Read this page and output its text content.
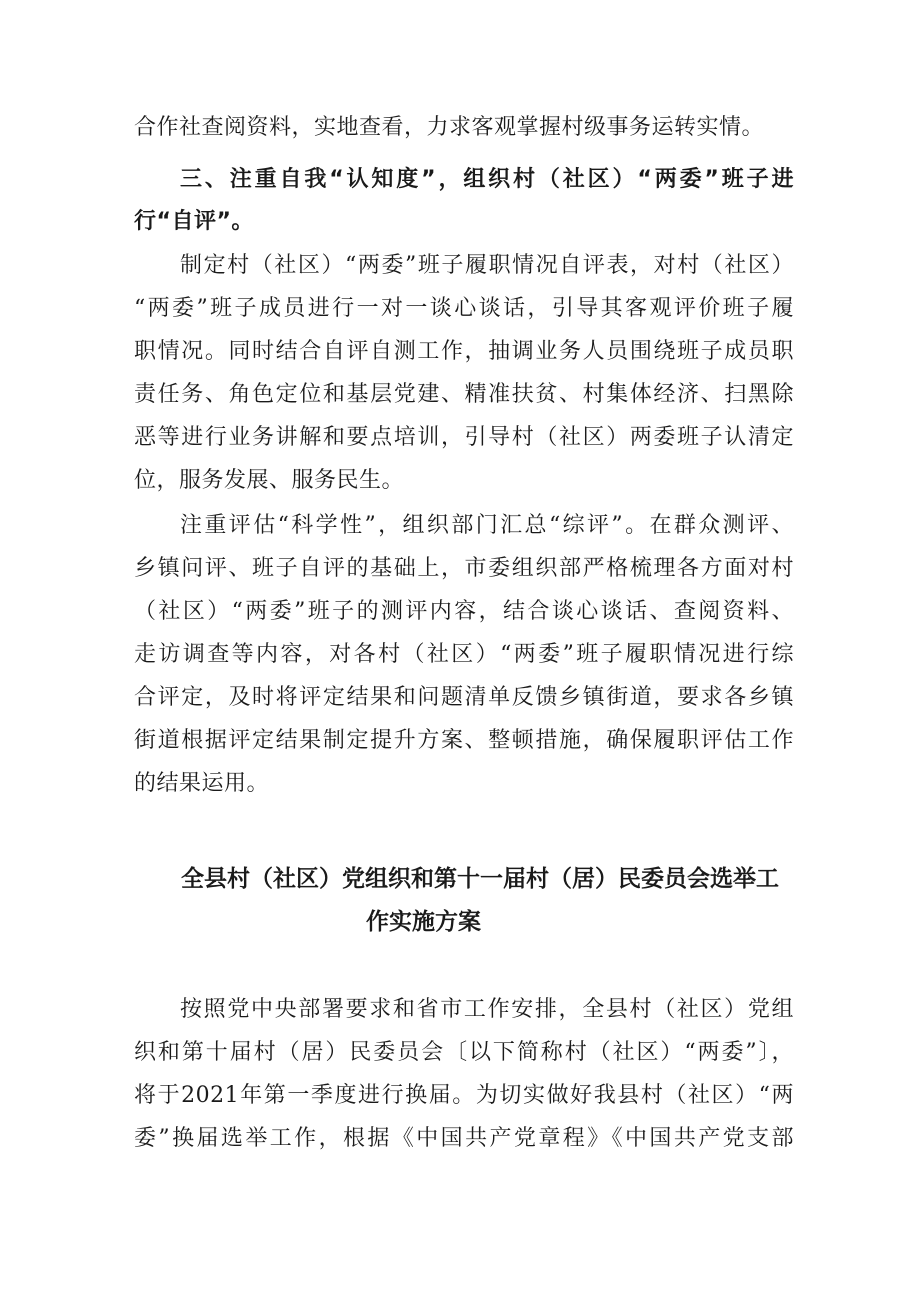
合作社查阅资料，实地查看，力求客观掌握村级事务运转实情。
三、注重自我“认知度”，组织村（社区）“两委”班子进
行“自评”。
制定村（社区）“两委”班子履职情况自评表，对村（社区）
“两委”班子成员进行一对一谈心谈话，引导其客观评价班子履
职情况。同时结合自评自测工作，抽调业务人员围绕班子成员职
责任务、角色定位和基层党建、精准扶贫、村集体经济、扫黑除
恶等进行业务讲解和要点培训，引导村（社区）两委班子认清定
位，服务发展、服务民生。
注重评估“科学性”，组织部门汇总“综评”。在群众测评、
乡镇问评、班子自评的基础上，市委组织部严格梳理各方面对村
（社区）“两委”班子的测评内容，结合谈心谈话、查阅资料、
走访调查等内容，对各村（社区）“两委”班子履职情况进行综
合评定，及时将评定结果和问题清单反馈乡镇街道，要求各乡镇
街道根据评定结果制定提升方案、整顿措施，确保履职评估工作
的结果运用。
全县村（社区）党组织和第十一届村（居）民委员会选举工
作实施方案
按照党中央部署要求和省市工作安排，全县村（社区）党组
织和第十届村（居）民委员会〔以下简称村（社区）“两委”〕，
将于2021年第一季度进行换届。为切实做好我县村（社区）“两
委”换届选举工作，根据《中国共产党章程》《中国共产党支部
